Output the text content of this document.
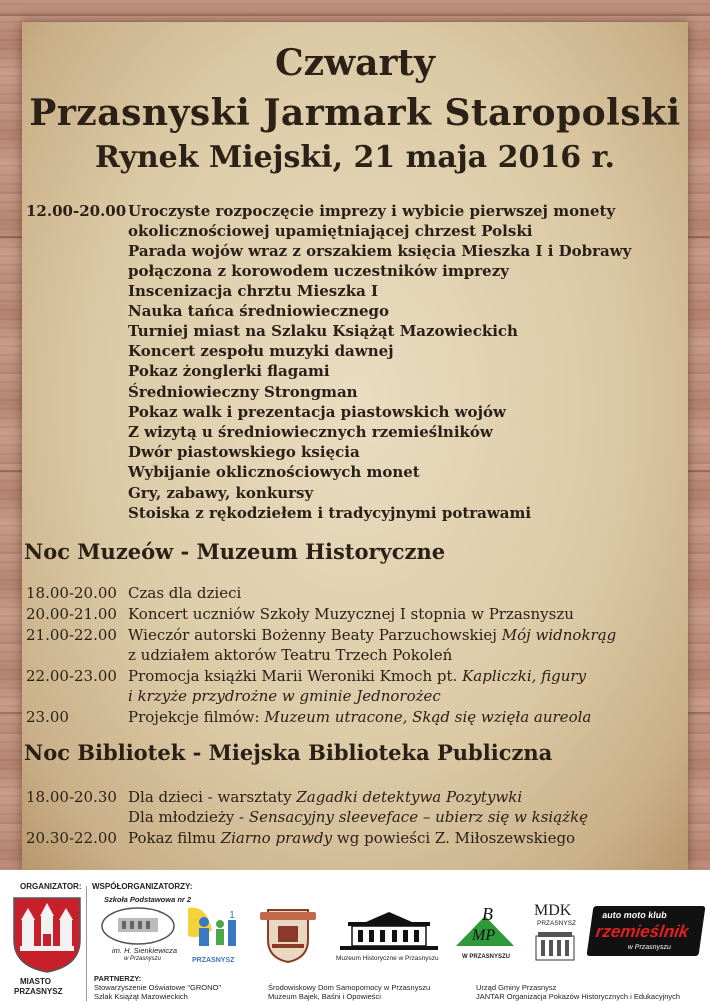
Czwarty
Przasnyski Jarmark Staropolski
Rynek Miejski, 21 maja 2016 r.
12.00-20.00 Uroczyste rozpoczęcie imprezy i wybicie pierwszej monety
okolicznościowej upamiętniającej chrzest Polski
Parada wojów wraz z orszakiem księcia Mieszka I i Dobrawy
połączona z korowodem uczestników imprezy
Inscenizacja chrztu Mieszka I
Nauka tańca średniowiecznego
Turniej miast na Szlaku Książąt Mazowieckich
Koncert zespołu muzyki dawnej
Pokaz żonglerki flagami
Średniowieczny Strongman
Pokaz walk i prezentacja piastowskich wojów
Z wizytą u średniowiecznych rzemieślników
Dwór piastowskiego księcia
Wybijanie oklicznościowych monet
Gry, zabawy, konkursy
Stoiska z rękodziełem i tradycyjnymi potrawami
Noc Muzeów - Muzeum Historyczne
18.00-20.00 Czas dla dzieci
20.00-21.00 Koncert uczniów Szkoły Muzycznej I stopnia w Przasnyszu
21.00-22.00 Wieczór autorski Bożenny Beaty Parzuchowskiej Mój widnokrąg
z udziałem aktorów Teatru Trzech Pokoleń
22.00-23.00 Promocja książki Marii Weroniki Kmoch pt. Kapliczki, figury
i krzyże przydrożne w gminie Jednorożec
23.00	Projekcje filmów: Muzeum utracone, Skąd się wzięła aureola
Noc Bibliotek - Miejska Biblioteka Publiczna
18.00-20.30 Dla dzieci - warsztaty Zagadki detektywa Pozytywki
Dla młodzieży - Sensacyjny sleeveface – ubierz się w książkę
20.30-22.00 Pokaz filmu Ziarno prawdy wg powieści Z. Miłoszewskiego
ORGANIZATOR:
MIASTO
PRZASNYSZ
WSPÓŁORGANIZATORZY:
Szkoła Podstawowa nr 2
im. H. Sienkiewicza
w Przasnyszu
1
PRZASNYSZ	Muzeum Historyczne w Przasnyszu
B
MP
W PRZASNYSZU
MDK
PRZASNYSZ
auto moto klub
rzemieślnik
w Przasnyszu
PARTNERZY:
Stowarzyszenie Oświatowe "GRONO"
Szlak Książąt Mazowieckich
Środowiskowy Dom Samopomocy w Przasnyszu
Muzeum Bajek, Baśni i Opowieści
Urząd Gminy Przasnysz
JANTAR Organizacja Pokazów Historycznych i Edukacyjnych
